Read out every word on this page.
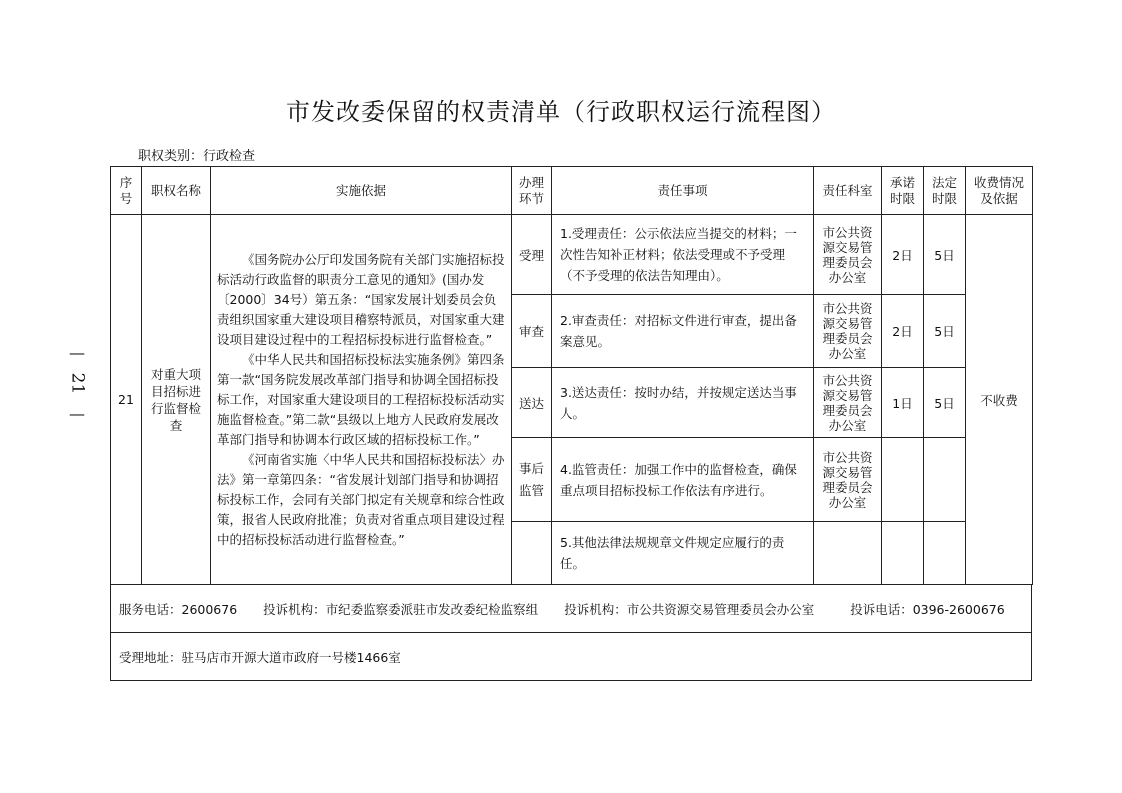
市发改委保留的权责清单（行政职权运行流程图）
职权类别：行政检查
—
21
—
序号	职权名称	实施依据	办理环节	责任事项	责任科室	承诺时限	法定时限	收费情况及依据
21	对重大项目招标进行监督检查	《国务院办公厅印发国务院有关部门实施招标投标活动行政监督的职责分工意见的通知》(国办发〔2000〕34号）第五条：“国家发展计划委员会负责组织国家重大建设项目稽察特派员，对国家重大建设项目建设过程中的工程招标投标进行监督检查。”

《中华人民共和国招标投标法实施条例》第四条第一款“国务院发展改革部门指导和协调全国招标投标工作，对国家重大建设项目的工程招标投标活动实施监督检查。”第二款“县级以上地方人民政府发展改革部门指导和协调本行政区域的招标投标工作。”

《河南省实施〈中华人民共和国招标投标法〉办法》第一章第四条：“省发展计划部门指导和协调招标投标工作，会同有关部门拟定有关规章和综合性政策，报省人民政府批准；负责对省重点项目建设过程中的招标投标活动进行监督检查。”	受理	1.受理责任：公示依法应当提交的材料；一次性告知补正材料；依法受理或不予受理（不予受理的依法告知理由）。	市公共资源交易管理委员会办公室	2日	5日	不收费
			审查	2.审查责任：对招标文件进行审查，提出备案意见。	市公共资源交易管理委员会办公室	2日	5日	
			送达	3.送达责任：按时办结，并按规定送达当事人。	市公共资源交易管理委员会办公室	1日	5日	
			事后监管	4.监管责任：加强工作中的监督检查，确保重点项目招标投标工作依法有序进行。	市公共资源交易管理委员会办公室			
				5.其他法律法规规章文件规定应履行的责任。				
服务电话：2600676 投诉机构：市纪委监察委派驻市发改委纪检监察组 投诉机构：市公共资源交易管理委员会办公室	投诉电话：0396-2600676

受理地址：驻马店市开源大道市政府一号楼1466室
